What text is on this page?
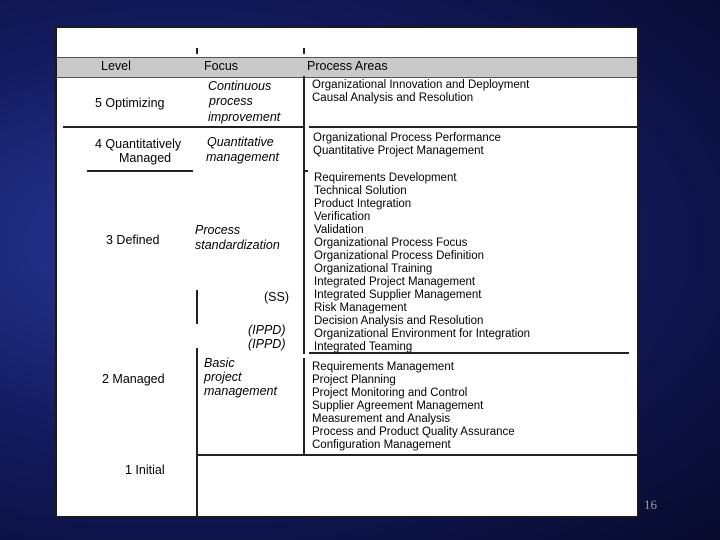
Level	Focus	Process Areas
5 Optimizing
Continuous
process
improvement
Organizational Innovation and Deployment
Causal Analysis and Resolution
4 Quantitatively
Managed
Quantitative
management
Organizational Process Performance
Quantitative Project Management
3 Defined
Process
standardization
(SS)
(IPPD)
(IPPD)
Requirements Development
Technical Solution
Product Integration
Verification
Validation
Organizational Process Focus
Organizational Process Definition
Organizational Training
Integrated Project Management
Integrated Supplier Management
Risk Management
Decision Analysis and Resolution
Organizational Environment for Integration
Integrated Teaming
2 Managed
Basic
project
management
Requirements Management
Project Planning
Project Monitoring and Control
Supplier Agreement Management
Measurement and Analysis
Process and Product Quality Assurance
Configuration Management
1 Initial
16
